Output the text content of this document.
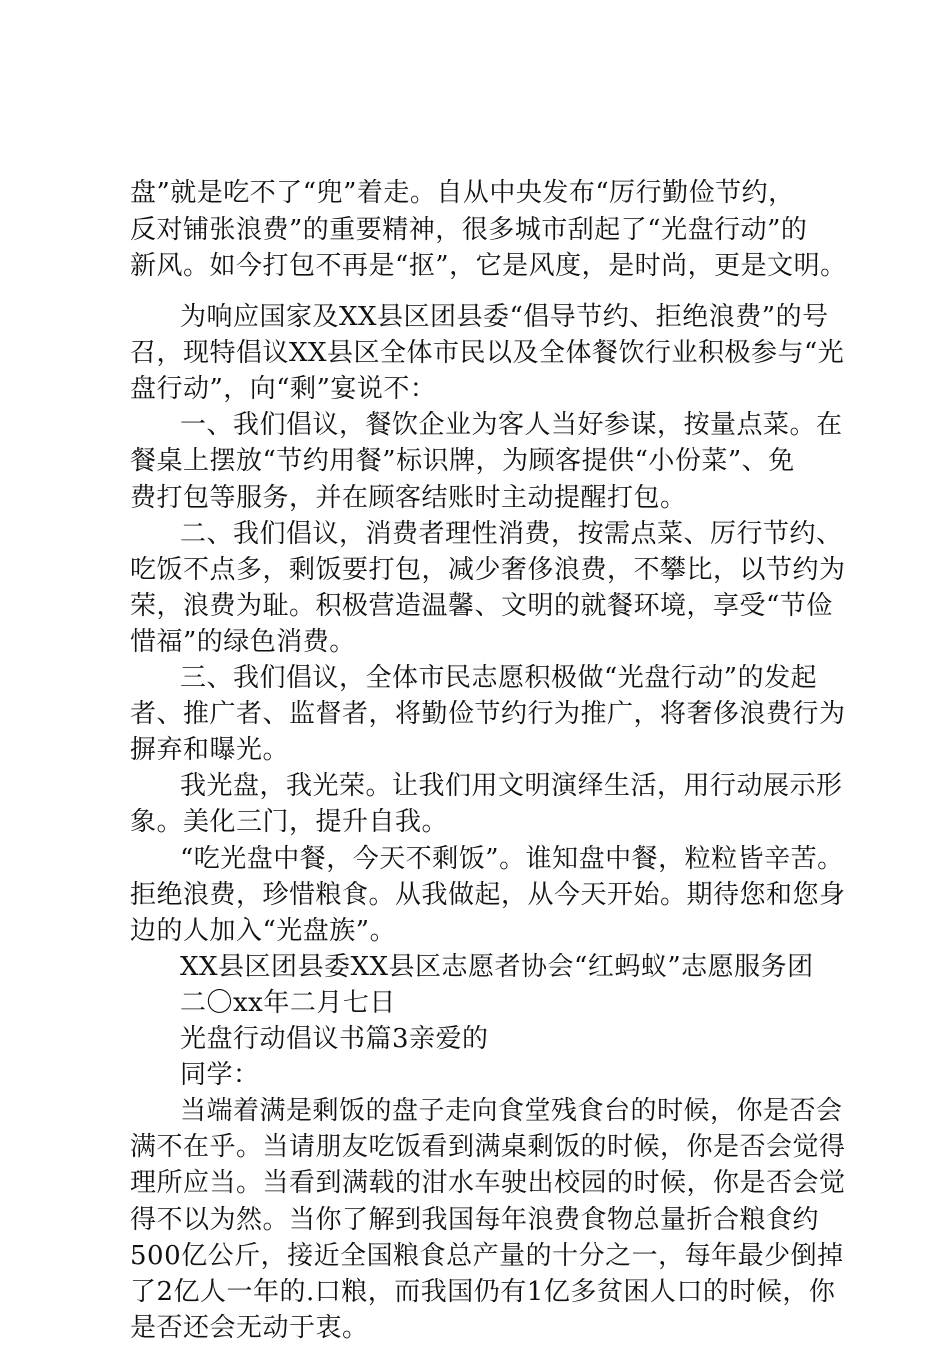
盘”就是吃不了“兜”着走。自从中央发布“厉行勤俭节约，
反对铺张浪费”的重要精神，很多城市刮起了“光盘行动”的
新风。如今打包不再是“抠”，它是风度，是时尚，更是文明。
为响应国家及XX县区团县委“倡导节约、拒绝浪费”的号
召，现特倡议XX县区全体市民以及全体餐饮行业积极参与“光
盘行动”，向“剩”宴说不：
一、我们倡议，餐饮企业为客人当好参谋，按量点菜。在
餐桌上摆放“节约用餐”标识牌，为顾客提供“小份菜”、免
费打包等服务，并在顾客结账时主动提醒打包。
二、我们倡议，消费者理性消费，按需点菜、厉行节约、
吃饭不点多，剩饭要打包，减少奢侈浪费，不攀比，以节约为
荣，浪费为耻。积极营造温馨、文明的就餐环境，享受“节俭
惜福”的绿色消费。
三、我们倡议，全体市民志愿积极做“光盘行动”的发起
者、推广者、监督者，将勤俭节约行为推广，将奢侈浪费行为
摒弃和曝光。
我光盘，我光荣。让我们用文明演绎生活，用行动展示形
象。美化三门，提升自我。
“吃光盘中餐，今天不剩饭”。谁知盘中餐，粒粒皆辛苦。
拒绝浪费，珍惜粮食。从我做起，从今天开始。期待您和您身
边的人加入“光盘族”。
XX县区团县委XX县区志愿者协会“红蚂蚁”志愿服务团
二〇xx年二月七日
光盘行动倡议书篇3亲爱的
同学：
当端着满是剩饭的盘子走向食堂残食台的时候，你是否会
满不在乎。当请朋友吃饭看到满桌剩饭的时候，你是否会觉得
理所应当。当看到满载的泔水车驶出校园的时候，你是否会觉
得不以为然。当你了解到我国每年浪费食物总量折合粮食约
500亿公斤，接近全国粮食总产量的十分之一，每年最少倒掉
了2亿人一年的.口粮，而我国仍有1亿多贫困人口的时候，你
是否还会无动于衷。
